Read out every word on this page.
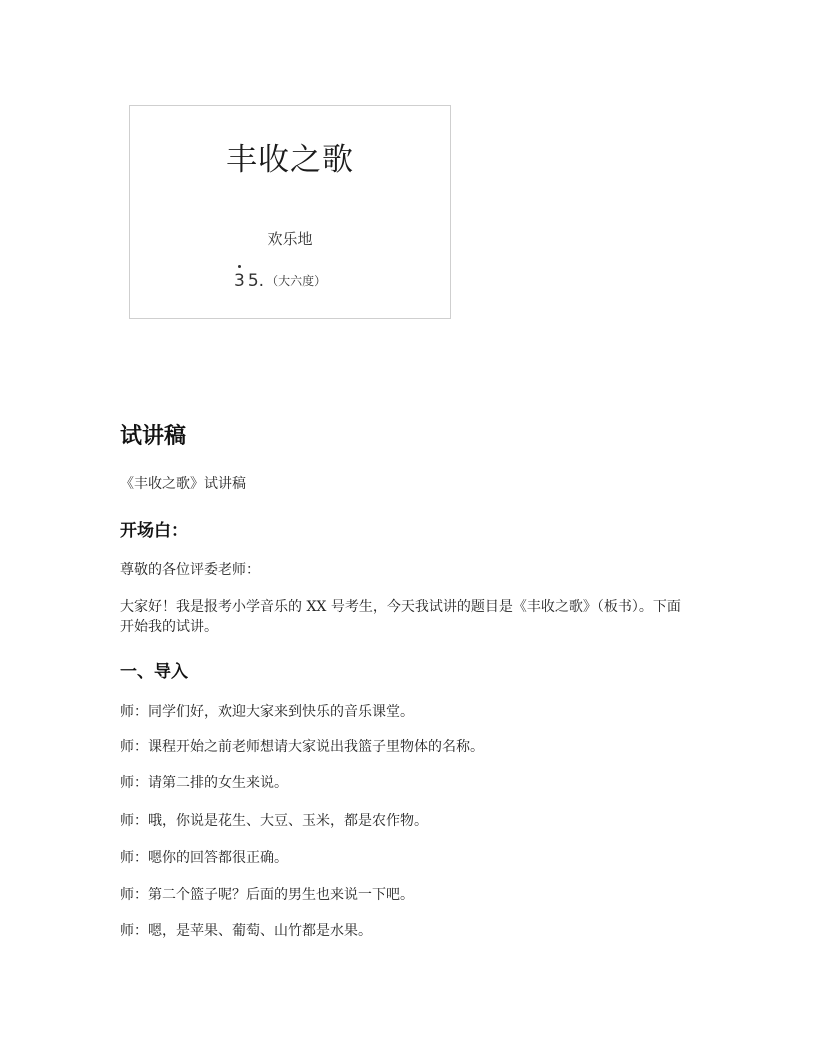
丰收之歌
欢乐地
3 5 . （大六度）
试讲稿

《丰收之歌》试讲稿

开场白：

尊敬的各位评委老师：

大家好！我是报考小学音乐的 XX 号考生，今天我试讲的题目是《丰收之歌》（板书）。下面开始我的试讲。

一、导入

师：同学们好，欢迎大家来到快乐的音乐课堂。

师：课程开始之前老师想请大家说出我篮子里物体的名称。

师：请第二排的女生来说。

师：哦，你说是花生、大豆、玉米，都是农作物。

师：嗯你的回答都很正确。

师：第二个篮子呢？后面的男生也来说一下吧。

师：嗯，是苹果、葡萄、山竹都是水果。
